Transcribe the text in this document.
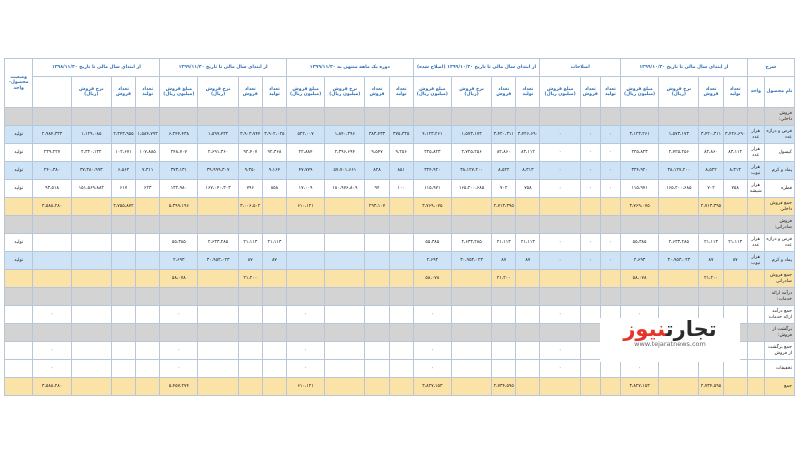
شرح		از ابتدای سال مالی تا تاریخ ۱۳۹۹/۱۰/۳۰				اصلاحات			از ابتدای سال مالی تا تاریخ ۱۳۹۹/۱۰/۳۰ (اصلاح شده)				دوره یک ماهه منتهی به ۱۳۹۹/۱۱/۳۰				از ابتدای سال مالی تا تاریخ ۱۳۹۹/۱۱/۳۰				از ابتدای سال مالی تا تاریخ ۱۳۹۸/۱۱/۳۰				وضعیت محصول- واحد
نام محصول	واحد	تعداد تولید	تعداد فروش	نرخ فروش (ریال)	مبلغ فروش (میلیون ریال)	تعداد تولید	تعداد فروش	مبلغ فروش (میلیون ریال)	تعداد تولید	تعداد فروش	نرخ فروش (ریال)	مبلغ فروش (میلیون ریال)	تعداد تولید	تعداد فروش	نرخ فروش (میلیون ریال)	مبلغ فروش (میلیون ریال)	تعداد تولید	تعداد فروش	نرخ فروش (ریال)	مبلغ فروش (میلیون ریال)	تعداد تولید	تعداد فروش	نرخ فروش (ریال)		
فروش داخلی:																									
قرص و دراژه عدد	هزار عدد	۳،۴۲۶،۶۹۰	۳،۴۲۰،۳۱۱	۱،۵۷۳،۱۷۳	۳،۱۲۳،۲۶۱	۰	۰	۰	۳،۴۲۶،۶۹۰	۳،۴۲۰،۳۱۱	۱،۵۷۳،۱۷۳	۴،۱۲۳،۲۶۱	۳۷۵،۳۳۵	۳۸۳،۴۳۳	۱،۸۴۰،۳۹۶	۵۲۲،۰۰۷	۳،۹۰۲،۰۲۵	۳،۹۰۳،۷۴۴	۱،۵۹۹،۴۳۲	۶،۲۴۴،۴۳۸	۱،۵۸۴،۷۹۳	۲،۳۴۳،۹۵۵	۱،۱۲۹،۰۸۵	۲،۹۸۴،۳۳۳	تولید
کپسول	هزار عدد	۸۳،۱۱۲	۸۲،۸۶۰	۲،۷۲۵،۲۵۶	۲۲۵،۸۲۳	۰	۰	۰	۸۳،۱۱۲	۸۲،۸۶۰	۲،۷۲۵،۲۵۶	۲۲۵،۸۲۳	۹،۲۵۶	۹،۵۴۷	۲،۳۹۶،۶۹۴	۲۲،۸۸۴	۹۲،۳۶۸	۹۲،۴۰۷	۲،۶۹۱،۳۶۰	۲۴۸،۷۰۷	۱۰۷،۸۸۵	۱۰۲،۶۷۱	۲،۳۲۰،۱۳۲	۲۳۹،۲۲۷	تولید
پماد و کرم	هزار تیوب	۸،۳۱۳	۸،۵۲۲	۳۸،۱۲۷،۲۰۰	۳۲۴،۹۲۰	۰	۰	۰	۸،۳۱۳	۸،۵۲۲	۳۸،۱۲۷،۲۰۰	۳۲۴،۹۲۰	۸۵۱	۸۲۸	۵۷،۷۰۱،۶۶۱	۴۷،۷۷۹	۹،۱۶۴	۹،۳۵۰	۳۹،۹۹۹،۳۰۷	۳۷۳،۱۳۱	۷،۳۱۱	۶،۵۶۲	۳۷،۳۸۰،۹۹۳	۲۴۰،۳۸۰	تولید
قطره	هزار شیشه	۷۵۸	۷۰۲	۱۶۵،۲۰۰،۶۸۵	۱۱۵،۹۷۱	۰	۰	۰	۷۵۸	۷۰۲	۱۶۵،۲۰۰،۶۸۵	۱۱۵،۹۷۱	۱۰۰	۹۴	۱۸۰،۹۷۶،۸۰۹	۱۷،۰۰۹	۸۵۸	۷۹۶	۱۶۷،۰۴۰،۳۰۳	۱۳۲،۹۸۰	۶۲۳	۶۱۷	۱۵۱،۵۶۹،۸۸۲	۹۳،۵۱۸	تولید
جمع فروش داخلی			۲،۷۱۳،۳۹۵		۳،۷۶۹،۰۷۵					۲،۷۱۳،۳۹۵		۳،۷۶۹،۰۷۵		۲۹۳،۱۰۷		۶۱۰،۱۲۱		۳،۰۰۶،۵۰۲		۵،۳۹۹،۱۹۶		۲،۷۵۵،۸۷۲		۳،۵۸۸،۲۸۰	
فروش صادراتی:																									
قرص و دراژه عدد	هزار عدد	۲۱،۱۱۳	۲۱،۱۱۳	۲،۶۳۳،۲۸۵	۵۵،۳۸۵	۰	۰	۰	۲۱،۱۱۳	۲۱،۱۱۳	۲،۶۳۳،۲۸۵	۵۵،۳۸۵					۲۱،۱۱۳	۲۱،۱۱۳	۲،۶۳۳،۲۸۵	۵۵،۳۸۵					تولید
پماد و کرم	هزار تیوب	۸۷	۸۷	۳۰،۹۵۳،۰۲۳	۲،۶۹۳	۰	۰	۰	۸۷	۸۷	۳۰،۹۵۳،۰۲۳	۲،۶۹۳					۸۷	۸۷	۳۰،۹۵۳،۰۲۳	۲،۶۹۳					تولید
جمع فروش صادراتی			۲۱،۲۰۰		۵۸،۰۷۸					۲۱،۲۰۰		۵۸،۰۷۸						۲۱،۲۰۰		۵۸،۰۷۸					
درآمد ارائه خدمات:																									
جمع درآمد ارائه خدمات					۰			۰				۰				۰				۰				۰	
برگشت از فروش:																									
جمع برگشت از فروش								۰				۰				۰				۰				۰	
تخفیفات					۰			۰				۰				۰				۰				۰	
جمع			۲،۷۳۴،۵۹۵		۳،۸۲۷،۱۵۳					۲،۷۳۴،۵۹۵		۳،۸۲۷،۱۵۳				۶۱۰،۱۲۱				۵،۴۵۷،۲۷۴				۳،۵۸۸،۲۸۰	
تجارتنیوز
www.tejaratnews.com
